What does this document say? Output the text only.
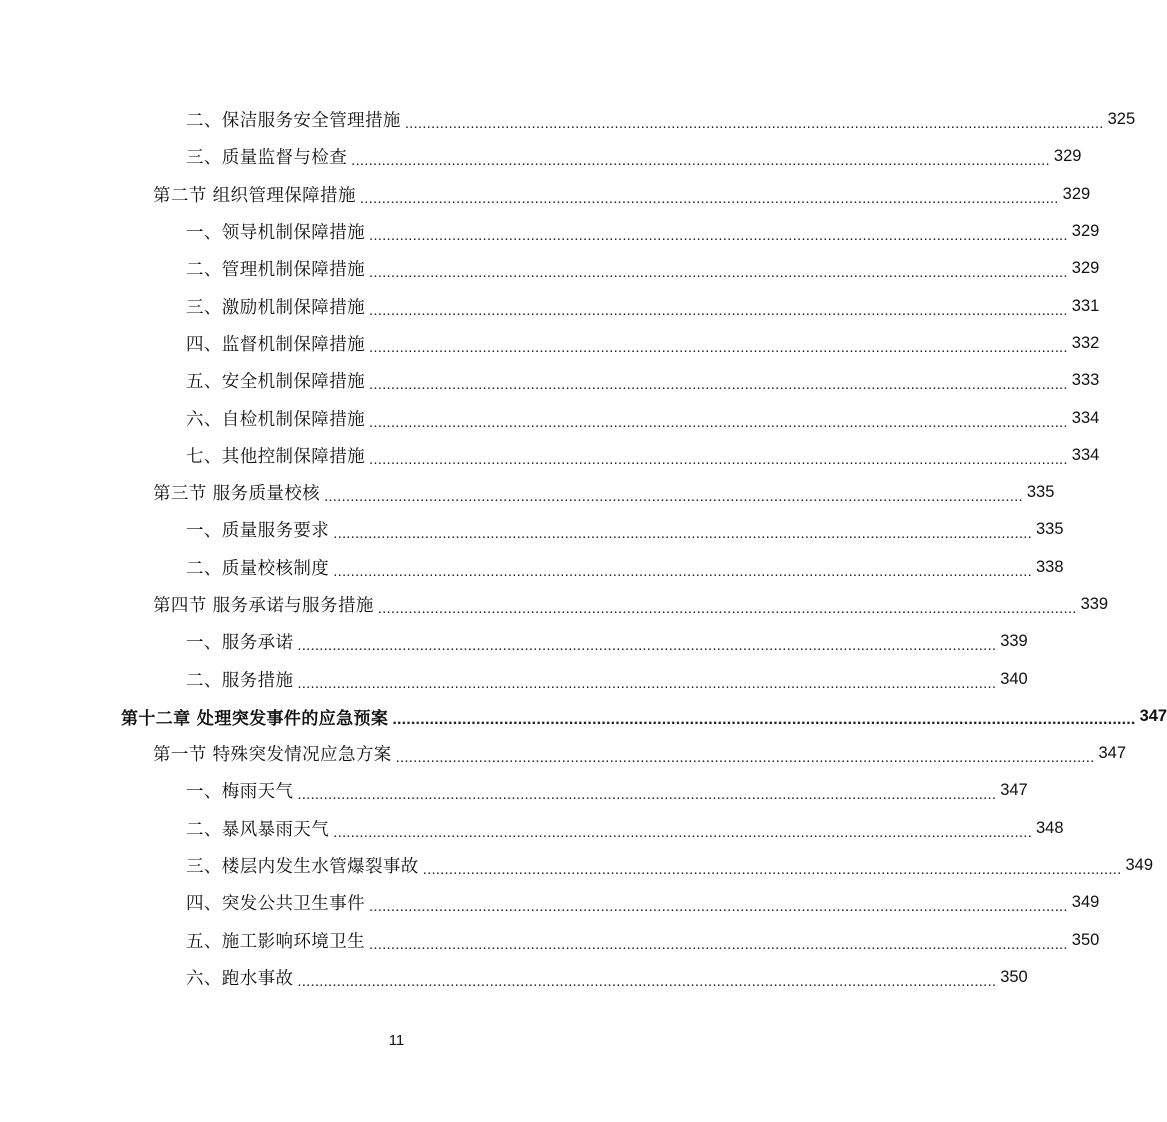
二、保洁服务安全管理措施 ................................................................................................................................................................ 325
三、质量监督与检查 ................................................................................................................................................................ 329
第二节 组织管理保障措施 ................................................................................................................................................................ 329
一、领导机制保障措施 ................................................................................................................................................................ 329
二、管理机制保障措施 ................................................................................................................................................................ 329
三、激励机制保障措施 ................................................................................................................................................................ 331
四、监督机制保障措施 ................................................................................................................................................................ 332
五、安全机制保障措施 ................................................................................................................................................................ 333
六、自检机制保障措施 ................................................................................................................................................................ 334
七、其他控制保障措施 ................................................................................................................................................................ 334
第三节 服务质量校核 ................................................................................................................................................................ 335
一、质量服务要求 ................................................................................................................................................................ 335
二、质量校核制度 ................................................................................................................................................................ 338
第四节 服务承诺与服务措施 ................................................................................................................................................................ 339
一、服务承诺 ................................................................................................................................................................ 339
二、服务措施 ................................................................................................................................................................ 340
第十二章 处理突发事件的应急预案 ................................................................................................................................................................ 347
第一节 特殊突发情况应急方案 ................................................................................................................................................................ 347
一、梅雨天气 ................................................................................................................................................................ 347
二、暴风暴雨天气 ................................................................................................................................................................ 348
三、楼层内发生水管爆裂事故 ................................................................................................................................................................ 349
四、突发公共卫生事件 ................................................................................................................................................................ 349
五、施工影响环境卫生 ................................................................................................................................................................ 350
六、跑水事故 ................................................................................................................................................................ 350
11
